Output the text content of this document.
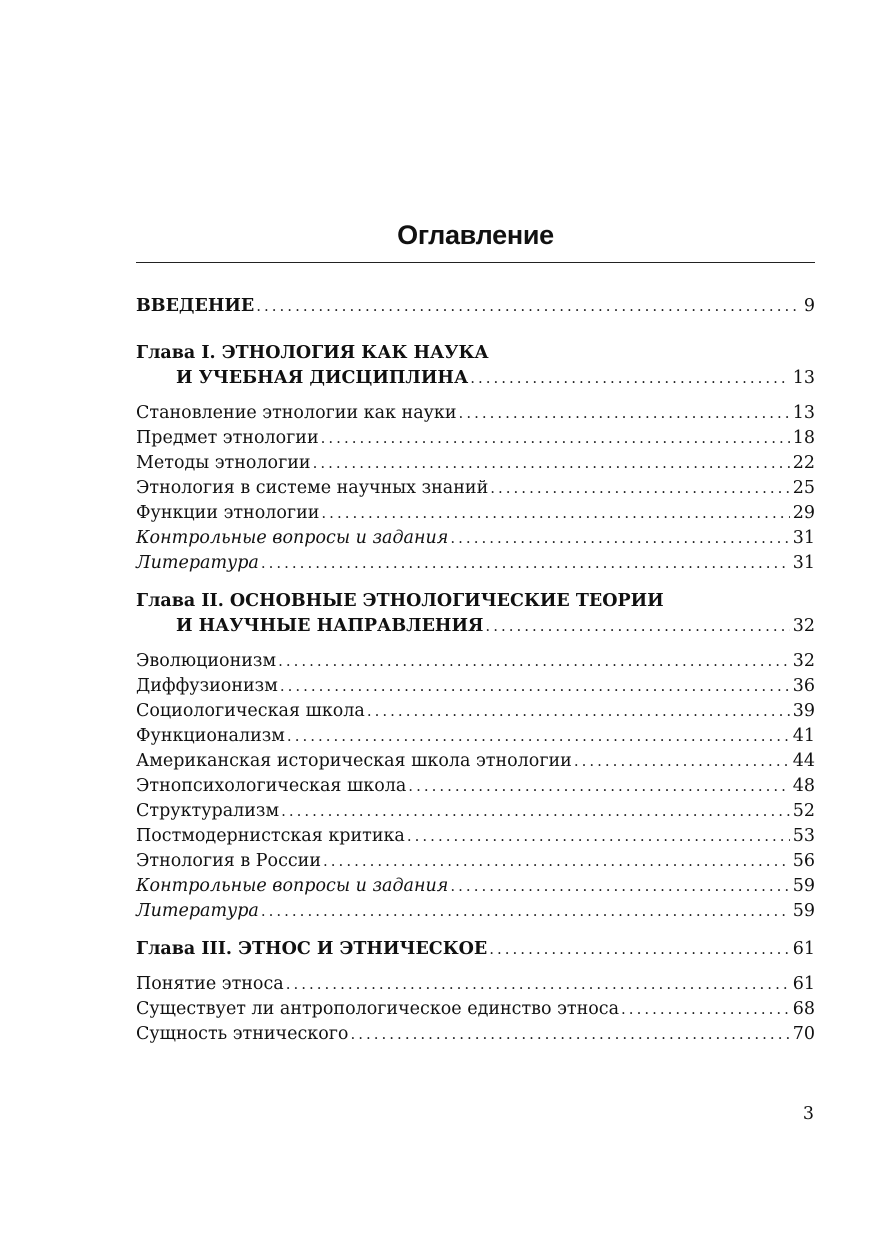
Оглавление
ВВЕДЕНИЕ .....	9
Глава I. ЭТНОЛОГИЯ КАК НАУКА
И УЧЕБНАЯ ДИСЦИПЛИНА .....	13
Становление этнологии как науки .....	13
Предмет этнологии .....	18
Методы этнологии .....	22
Этнология в системе научных знаний .....	25
Функции этнологии .....	29
Контрольные вопросы и задания .....	31
Литература .....	31
Глава II. ОСНОВНЫЕ ЭТНОЛОГИЧЕСКИЕ ТЕОРИИ
И НАУЧНЫЕ НАПРАВЛЕНИЯ .....	32
Эволюционизм .....	32
Диффузионизм .....	36
Социологическая школа .....	39
Функционализм .....	41
Американская историческая школа этнологии .....	44
Этнопсихологическая школа .....	48
Структурализм .....	52
Постмодернистская критика .....	53
Этнология в России .....	56
Контрольные вопросы и задания .....	59
Литература .....	59
Глава III. ЭТНОС И ЭТНИЧЕСКОЕ .....	61
Понятие этноса .....	61
Существует ли антропологическое единство этноса .....	68
Сущность этнического .....	70
3
